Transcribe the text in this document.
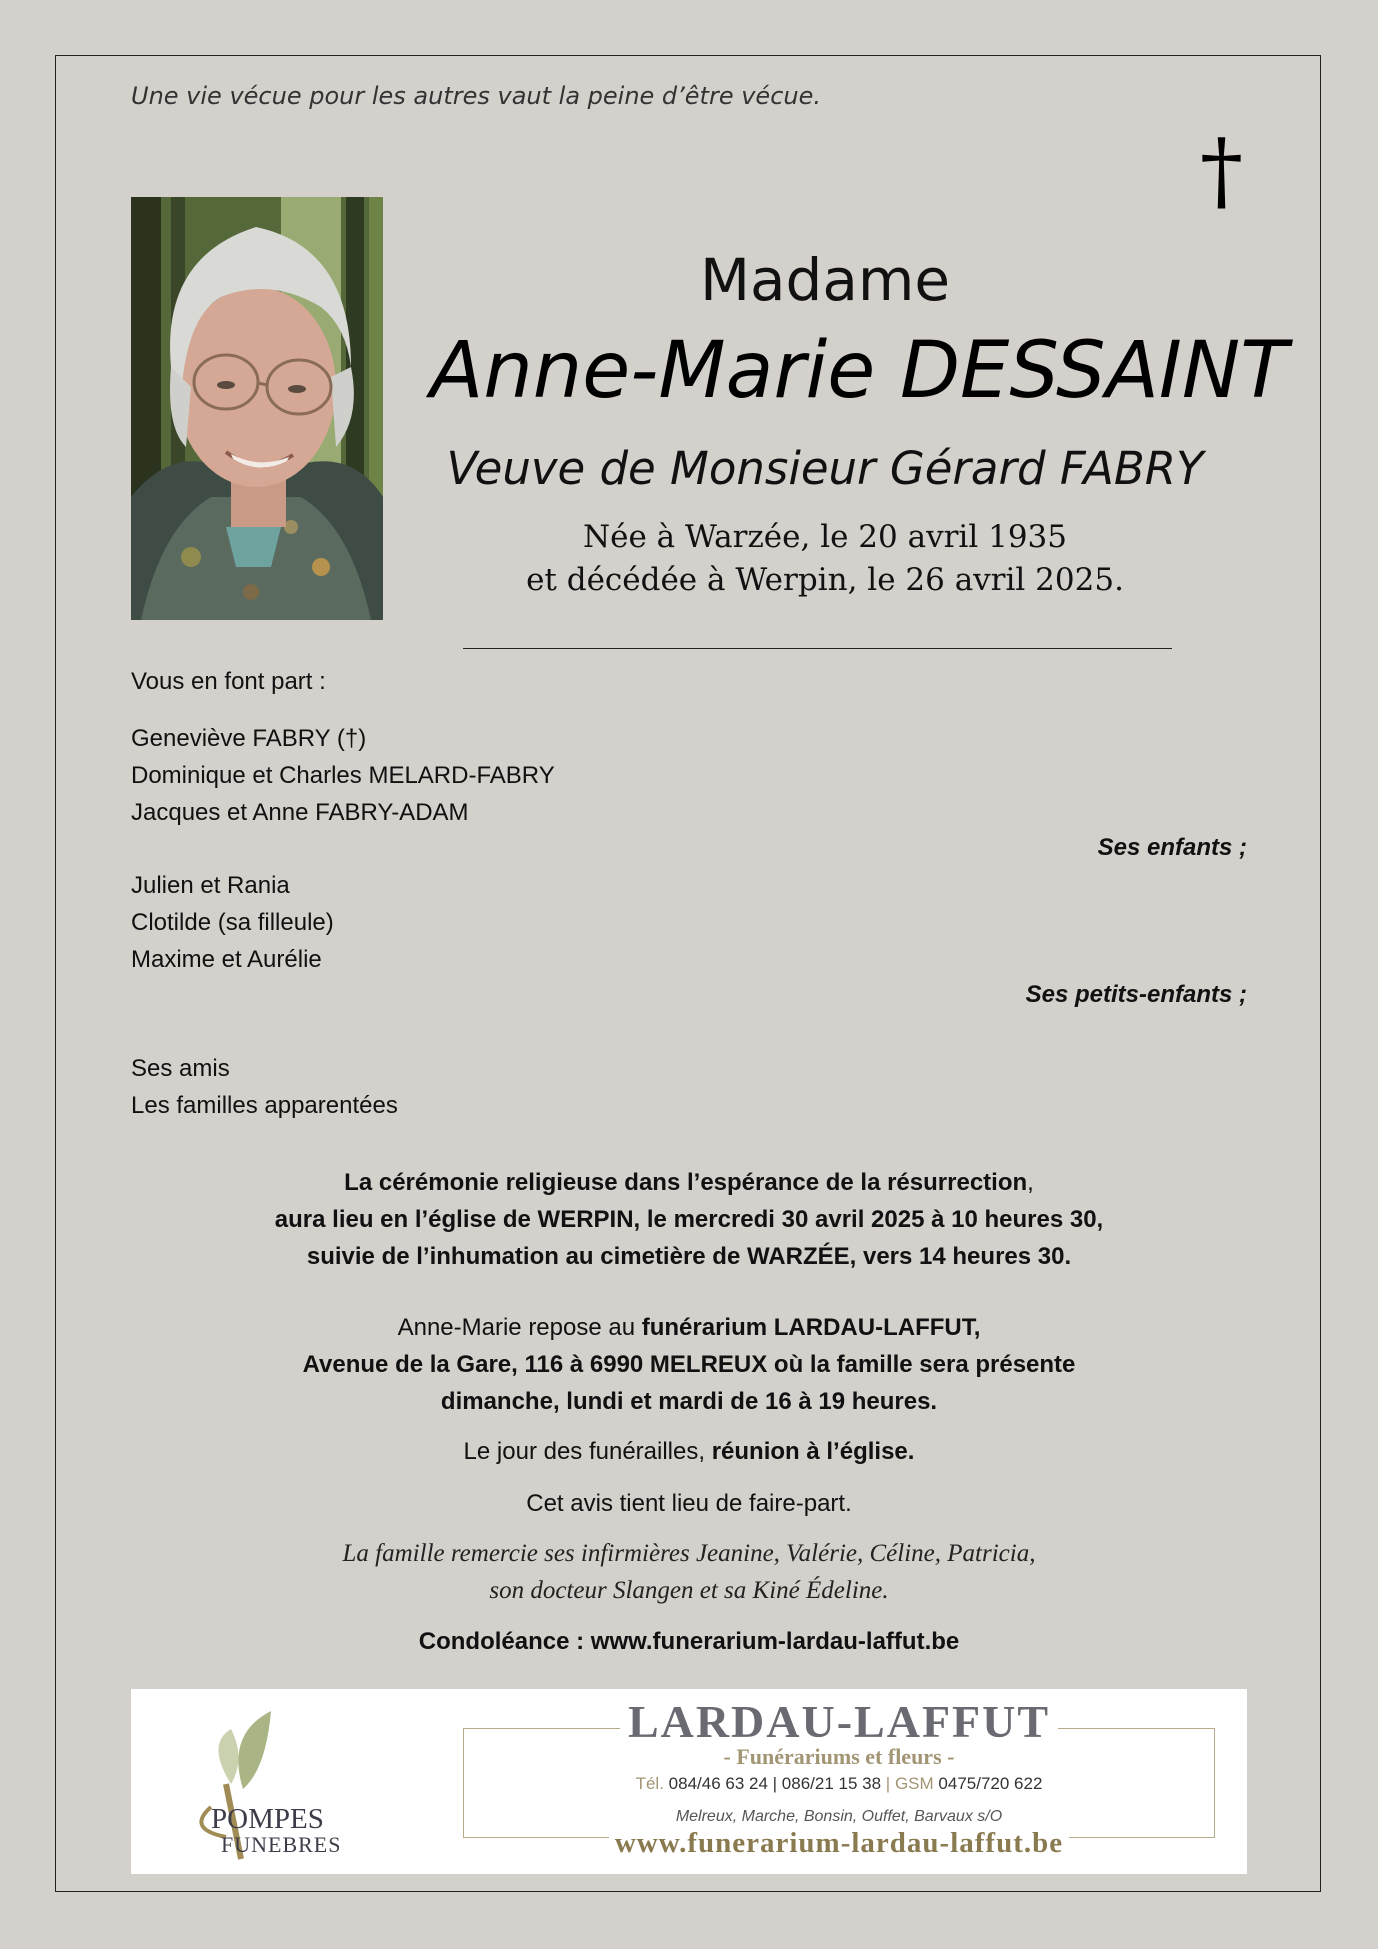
Une vie vécue pour les autres vaut la peine d’être vécue.
†
Madame
Anne-Marie DESSAINT
Veuve de Monsieur Gérard FABRY
Née à Warzée, le 20 avril 1935
et décédée à Werpin, le 26 avril 2025.
Vous en font part :
Geneviève FABRY (†)
Dominique et Charles MELARD-FABRY
Jacques et Anne FABRY-ADAM
Ses enfants ;
Julien et Rania
Clotilde (sa filleule)
Maxime et Aurélie
Ses petits-enfants ;
Ses amis
Les familles apparentées
La cérémonie religieuse dans l’espérance de la résurrection,
aura lieu en l’église de WERPIN, le mercredi 30 avril 2025 à 10 heures 30,
suivie de l’inhumation au cimetière de WARZÉE, vers 14 heures 30.
Anne-Marie repose au funérarium LARDAU-LAFFUT,
Avenue de la Gare, 116 à 6990 MELREUX où la famille sera présente
dimanche, lundi et mardi de 16 à 19 heures.
Le jour des funérailles, réunion à l’église.
Cet avis tient lieu de faire-part.
La famille remercie ses infirmières Jeanine, Valérie, Céline, Patricia,
son docteur Slangen et sa Kiné Édeline.
Condoléance : www.funerarium-lardau-laffut.be
POMPES
FUNEBRES
LARDAU-LAFFUT
- Funérariums et fleurs -
Tél. 084/46 63 24 | 086/21 15 38 | GSM 0475/720 622
Melreux, Marche, Bonsin, Ouffet, Barvaux s/O
www.funerarium-lardau-laffut.be
